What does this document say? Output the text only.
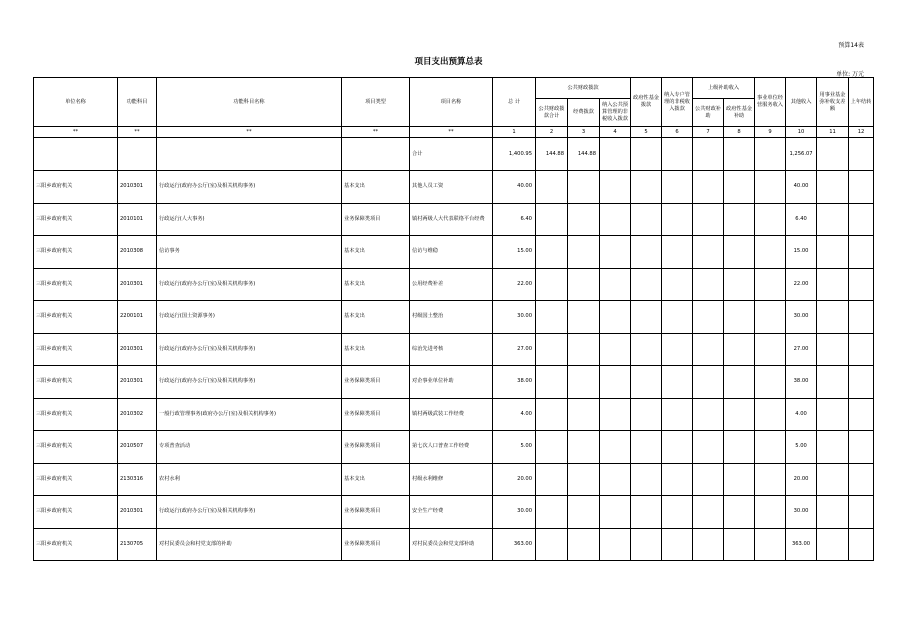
预算14表
项目支出预算总表
单位: 万元
单位名称	功能科目	功能科目名称	项目类型	项目名称	总 计	公共财政拨款			政府性基金拨款	纳入专户管理的非税收入拨款	上级补助收入		事业单位经营服务收入	其他收入	用事业基金弥补收支差额	上年结转
						公共财政拨款合计	经费拨款	纳入公共预算管理的非税收入拨款			公共财政补助	政府性基金补助				
**	**	**	**	**	1	2	3	4	5	6	7	8	9	10	11	12
				合计	1,400.95	144.88	144.88							1,256.07		
三阳乡政府机关	2010301	行政运行(政府办公厅(室)及相关机构事务)	基本支出	其他人员工资	40.00									40.00		
三阳乡政府机关	2010101	行政运行(人大事务)	业务保障类项目	镇村两级人大代表联络平台经费	6.40									6.40		
三阳乡政府机关	2010308	信访事务	基本支出	信访与维稳	15.00									15.00		
三阳乡政府机关	2010301	行政运行(政府办公厅(室)及相关机构事务)	基本支出	公用经费补差	22.00									22.00		
三阳乡政府机关	2200101	行政运行(国土资源事务)	基本支出	村级国土整治	30.00									30.00		
三阳乡政府机关	2010301	行政运行(政府办公厅(室)及相关机构事务)	基本支出	综治先进考核	27.00									27.00		
三阳乡政府机关	2010301	行政运行(政府办公厅(室)及相关机构事务)	业务保障类项目	对企事业单位补助	38.00									38.00		
三阳乡政府机关	2010302	一般行政管理事务(政府办公厅(室)及相关机构事务)	业务保障类项目	镇村两级武装工作经费	4.00									4.00		
三阳乡政府机关	2010507	专项普查活动	业务保障类项目	第七次人口普查工作经费	5.00									5.00		
三阳乡政府机关	2130316	农村水利	基本支出	村级水利维修	20.00									20.00		
三阳乡政府机关	2010301	行政运行(政府办公厅(室)及相关机构事务)	业务保障类项目	安全生产经费	30.00									30.00		
三阳乡政府机关	2130705	对村民委员会和村党支部的补助	业务保障类项目	对村民委员会和党支部补助	363.00									363.00		
